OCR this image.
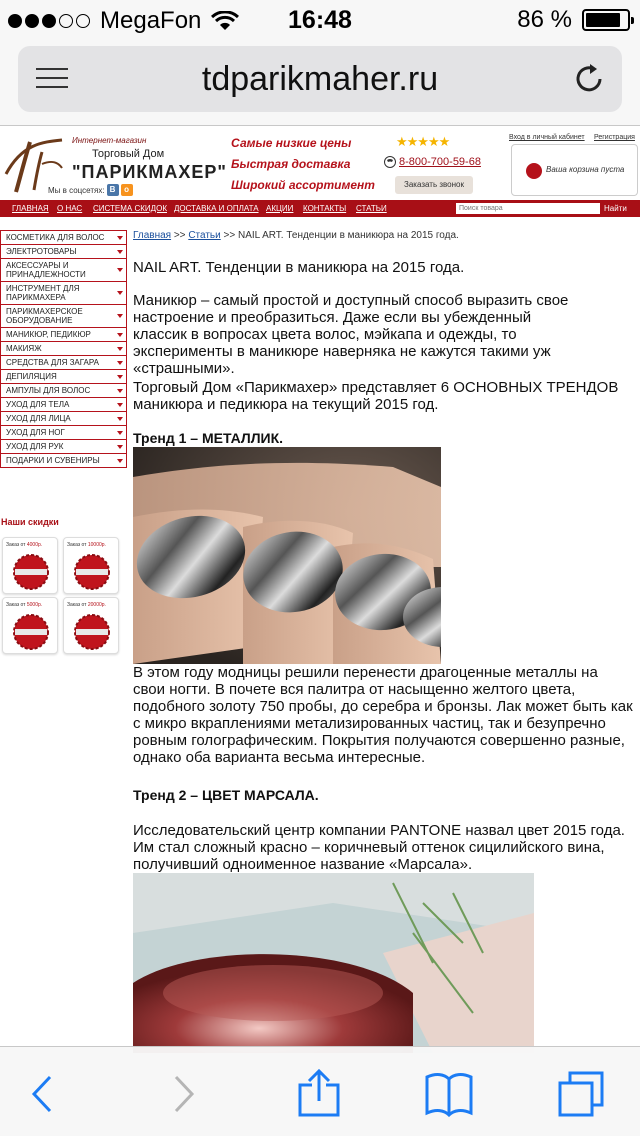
MegaFon	16:48	86 %
tdparikmaher.ru
Интернет-магазин
Торговый Дом
"ПАРИКМАХЕР"
Мы в соцсетях: В	о
Самые низкие цены
Быстрая доставка
Широкий ассортимент
★★★★★
8-800-700-59-68
Заказать звонок
Вход в личный кабинет Регистрация
Ваша корзина пуста
ГЛАВНАЯ О НАС СИСТЕМА СКИДОК ДОСТАВКА И ОПЛАТА АКЦИИ КОНТАКТЫ СТАТЬИ
Поиск товара	Найти
КОСМЕТИКА ДЛЯ ВОЛОС
ЭЛЕКТРОТОВАРЫ
АКСЕССУАРЫ И ПРИНАДЛЕЖНОСТИ
ИНСТРУМЕНТ ДЛЯ ПАРИКМАХЕРА
ПАРИКМАХЕРСКОЕ ОБОРУДОВАНИЕ
МАНИКЮР, ПЕДИКЮР
МАКИЯЖ
СРЕДСТВА ДЛЯ ЗАГАРА
ДЕПИЛЯЦИЯ
АМПУЛЫ ДЛЯ ВОЛОС
УХОД ДЛЯ ТЕЛА
УХОД ДЛЯ ЛИЦА
УХОД ДЛЯ НОГ
УХОД ДЛЯ РУК
ПОДАРКИ И СУВЕНИРЫ
Наши скидки
Заказ от 4000р.	Заказ от 10000р.
Заказ от 5000р.	Заказ от 20000р.
Главная >> Статьи >> NAIL ART. Тенденции в маникюра на 2015 года.
NAIL ART. Тенденции в маникюра на 2015 года.
Маникюр – самый простой и доступный способ выразить свое настроение и преобразиться. Даже если вы убежденный классик в вопросах цвета волос, мэйкапа и одежды, то эксперименты в маникюре наверняка не кажутся такими уж «страшными».
Торговый Дом «Парикмахер» представляет 6 ОСНОВНЫХ ТРЕНДОВ маникюра и педикюра на текущий 2015 год.
Тренд 1 – МЕТАЛЛИК.
В этом году модницы решили перенести драгоценные металлы на свои ногти. В почете вся палитра от насыщенно желтого цвета, подобного золоту 750 пробы, до серебра и бронзы. Лак может быть как с микро вкраплениями метализированных частиц, так и безупречно ровным голографическим. Покрытия получаются совершенно разные, однако оба варианта весьма интересные.
Тренд 2 – ЦВЕТ МАРСАЛА.
Исследовательский центр компании PANTONE назвал цвет 2015 года. Им стал сложный красно – коричневый оттенок сицилийского вина, получивший одноименное название «Марсала».
